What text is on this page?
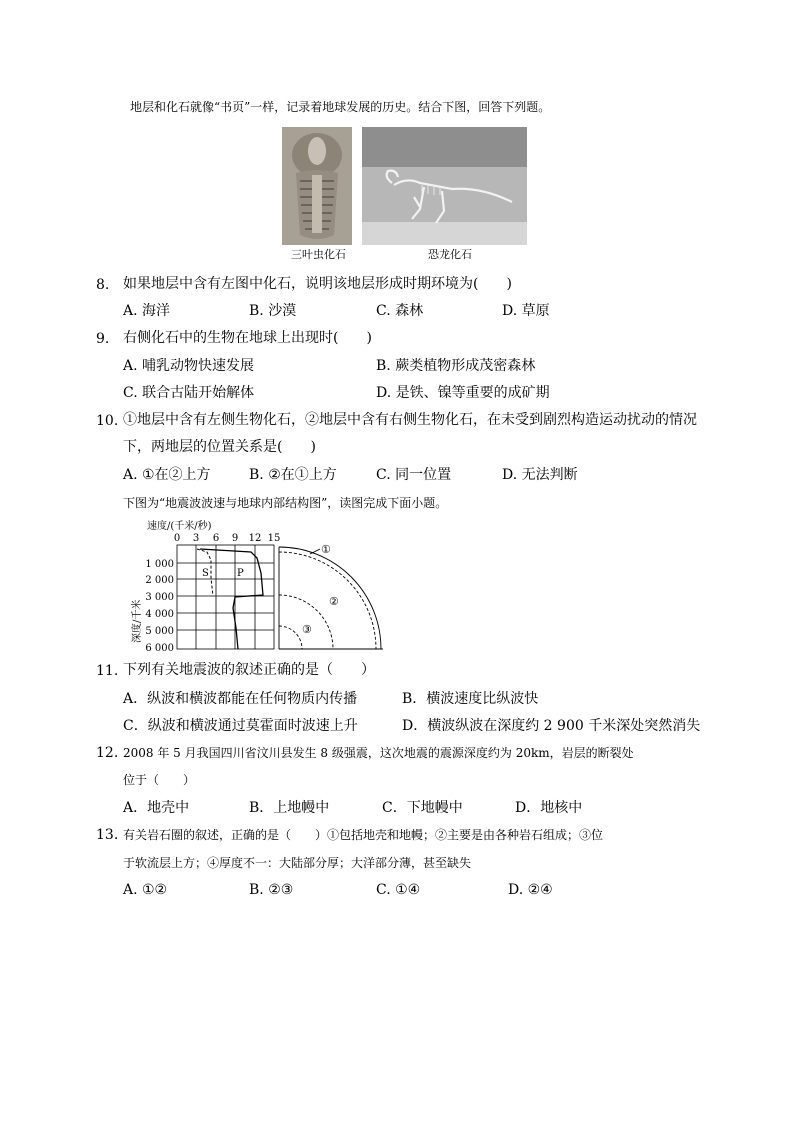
地层和化石就像“书页”一样，记录着地球发展的历史。结合下图，回答下列题。
三叶虫化石	恐龙化石
8. 如果地层中含有左图中化石，说明该地层形成时期环境为(　　)
A. 海洋	B. 沙漠	C. 森林	D. 草原
9. 右侧化石中的生物在地球上出现时(　　)
A. 哺乳动物快速发展	B. 蕨类植物形成茂密森林
C. 联合古陆开始解体	D. 是铁、镍等重要的成矿期
10. ①地层中含有左侧生物化石，②地层中含有右侧生物化石，在未受到剧烈构造运动扰动的情况
下，两地层的位置关系是(　　)
A. ①在②上方	B. ②在①上方	C. 同一位置	D. 无法判断
下图为“地震波波速与地球内部结构图”，读图完成下面小题。
速度/(千米/秒)
0 3 6 9 12 15
1 000
2 000
3 000
4 000
5 000
6 000
深度/千米
S	P
①
②
③
11. 下列有关地震波的叙述正确的是（　　）
A．纵波和横波都能在任何物质内传播	B．横波速度比纵波快
C．纵波和横波通过莫霍面时波速上升	D．横波纵波在深度约 2 900 千米深处突然消失
12. 2008 年 5 月我国四川省汶川县发生 8 级强震，这次地震的震源深度约为 20km，岩层的断裂处
位于（　　）
A．地壳中	B．上地幔中	C．下地幔中	D．地核中
13. 有关岩石圈的叙述，正确的是（　　）①包括地壳和地幔；②主要是由各种岩石组成；③位
于软流层上方；④厚度不一：大陆部分厚；大洋部分薄，甚至缺失
A. ①②	B. ②③	C. ①④	D. ②④
